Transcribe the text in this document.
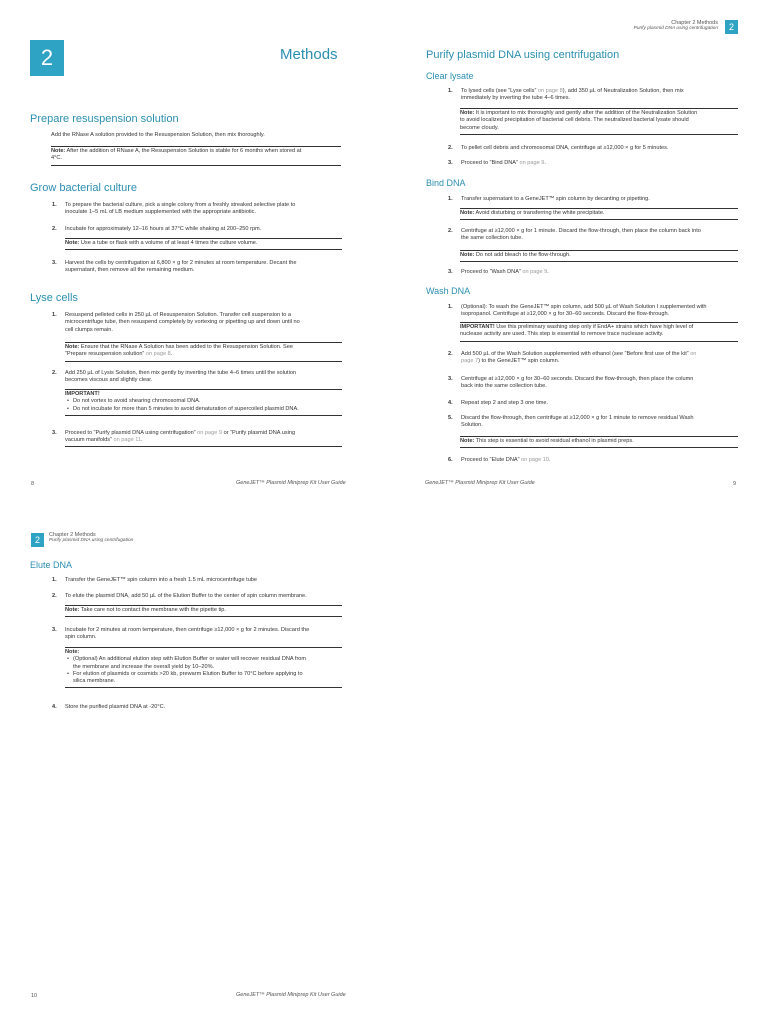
2	Methods
Prepare resuspension solution
Add the RNase A solution provided to the Resuspension Solution, then mix thoroughly.
Note: After the addition of RNase A, the Resuspension Solution is stable for 6 months when stored at
4°C.
Grow bacterial culture
1. To prepare the bacterial culture, pick a single colony from a freshly streaked selective plate to
inoculate 1–5 mL of LB medium supplemented with the appropriate antibiotic.
2. Incubate for approximately 12–16 hours at 37°C while shaking at 200–250 rpm.
Note: Use a tube or flask with a volume of at least 4 times the culture volume.
3. Harvest the cells by centrifugation at 6,800 × g for 2 minutes at room temperature. Decant the
supernatant, then remove all the remaining medium.
Lyse cells
1. Resuspend pelleted cells in 250 µL of Resuspension Solution. Transfer cell suspension to a
microcentrifuge tube, then resuspend completely by vortexing or pipetting up and down until no
cell clumps remain.
Note: Ensure that the RNase A Solution has been added to the Resuspension Solution. See
“Prepare resuspension solution” on page 8.
2. Add 250 µL of Lysis Solution, then mix gently by inverting the tube 4–6 times until the solution
becomes viscous and slightly clear.
IMPORTANT!
• Do not vortex to avoid shearing chromosomal DNA.
• Do not incubate for more than 5 minutes to avoid denaturation of supercoiled plasmid DNA.
3. Proceed to “Purify plasmid DNA using centrifugation” on page 9 or “Purify plasmid DNA using
vacuum manifolds” on page 11.
8	GeneJET™ Plasmid Miniprep Kit User Guide
Chapter 2 Methods
Purify plasmid DNA using centrifugation	2
Purify plasmid DNA using centrifugation
Clear lysate
1. To lysed cells (see “Lyse cells” on page 8), add 350 µL of Neutralization Solution, then mix
immediately by inverting the tube 4–6 times.
Note: It is important to mix thoroughly and gently after the addition of the Neutralization Solution
to avoid localized precipitation of bacterial cell debris. The neutralized bacterial lysate should
become cloudy.
2. To pellet cell debris and chromosomal DNA, centrifuge at ≥12,000 × g for 5 minutes.
3. Proceed to “Bind DNA” on page 9.
Bind DNA
1. Transfer supernatant to a GeneJET™ spin column by decanting or pipetting.
Note: Avoid disturbing or transferring the white precipitate.
2. Centrifuge at ≥12,000 × g for 1 minute. Discard the flow-through, then place the column back into
the same collection tube.
Note: Do not add bleach to the flow-through.
3. Proceed to “Wash DNA” on page 9.
Wash DNA
1. (Optional): To wash the GeneJET™ spin column, add 500 µL of Wash Solution I supplemented with
isopropanol. Centrifuge at ≥12,000 × g for 30–60 seconds. Discard the flow-through.
IMPORTANT! Use this preliminary washing step only if EndA+ strains which have high level of
nuclease activity are used. This step is essential to remove trace nuclease activity.
2. Add 500 µL of the Wash Solution supplemented with ethanol (see “Before first use of the kit” on
page 7) to the GeneJET™ spin column.
3. Centrifuge at ≥12,000 × g for 30–60 seconds. Discard the flow-through, then place the column
back into the same collection tube.
4. Repeat step 2 and step 3 one time.
5. Discard the flow-through, then centrifuge at ≥12,000 × g for 1 minute to remove residual Wash
Solution.
Note: This step is essential to avoid residual ethanol in plasmid preps.
6. Proceed to “Elute DNA” on page 10.
GeneJET™ Plasmid Miniprep Kit User Guide	9
2	Chapter 2 Methods
Purify plasmid DNA using centrifugation
Elute DNA
1. Transfer the GeneJET™ spin column into a fresh 1.5 mL microcentrifuge tube
2. To elute the plasmid DNA, add 50 µL of the Elution Buffer to the center of spin column membrane.
Note: Take care not to contact the membrane with the pipette tip.
3. Incubate for 2 minutes at room temperature, then centrifuge ≥12,000 × g for 2 minutes. Discard the
spin column.
Note:
• (Optional) An additional elution step with Elution Buffer or water will recover residual DNA from
the membrane and increase the overall yield by 10–20%.
• For elution of plasmids or cosmids >20 kb, prewarm Elution Buffer to 70°C before applying to
silica membrane.
4. Store the purified plasmid DNA at -20°C.
10	GeneJET™ Plasmid Miniprep Kit User Guide
